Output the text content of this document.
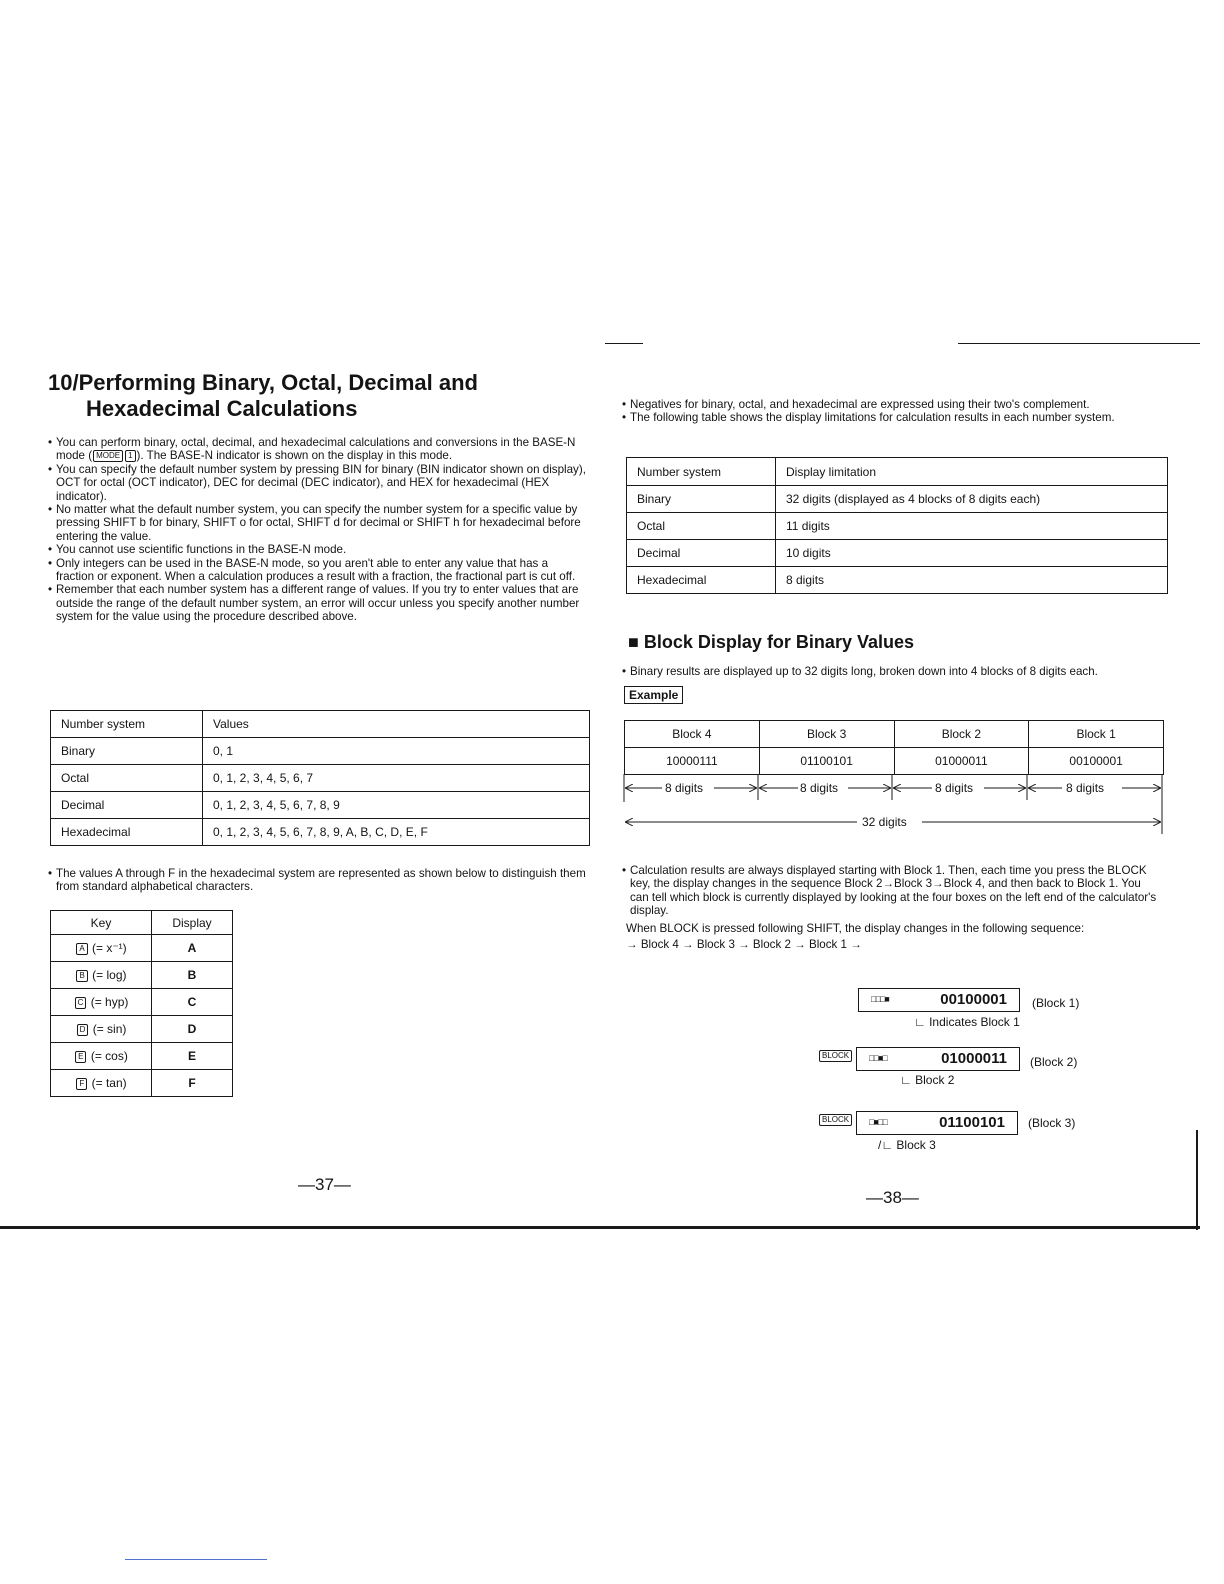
10/Performing Binary, Octal, Decimal and
Hexadecimal Calculations
• You can perform binary, octal, decimal, and hexadecimal calculations and conversions in the BASE-N mode ( MODE 1 ). The BASE-N indicator is shown on the display in this mode.
• You can specify the default number system by pressing BIN for binary (BIN indicator shown on display), OCT for octal (OCT indicator), DEC for decimal (DEC indicator), and HEX for hexadecimal (HEX indicator).
• No matter what the default number system, you can specify the number system for a specific value by pressing SHIFT b for binary, SHIFT o for octal, SHIFT d for decimal or SHIFT h for hexadecimal before entering the value.
• You cannot use scientific functions in the BASE-N mode.
• Only integers can be used in the BASE-N mode, so you aren't able to enter any value that has a fraction or exponent. When a calculation produces a result with a fraction, the fractional part is cut off.
• Remember that each number system has a different range of values. If you try to enter values that are outside the range of the default number system, an error will occur unless you specify another number system for the value using the procedure described above.
Number system	Values
Binary	0, 1
Octal	0, 1, 2, 3, 4, 5, 6, 7
Decimal	0, 1, 2, 3, 4, 5, 6, 7, 8, 9
Hexadecimal	0, 1, 2, 3, 4, 5, 6, 7, 8, 9, A, B, C, D, E, F
• The values A through F in the hexadecimal system are represented as shown below to distinguish them from standard alphabetical characters.
Key	Display
A (= x⁻¹)	A
B (= log)	B
C (= hyp)	C
D (= sin)	D
E (= cos)	E
F (= tan)	F
—37—
• Negatives for binary, octal, and hexadecimal are expressed using their two's complement.
• The following table shows the display limitations for calculation results in each number system.
Number system	Display limitation
Binary	32 digits (displayed as 4 blocks of 8 digits each)
Octal	11 digits
Decimal	10 digits
Hexadecimal	8 digits
■ Block Display for Binary Values
• Binary results are displayed up to 32 digits long, broken down into 4 blocks of 8 digits each.
Example
Block 4	Block 3	Block 2	Block 1
10000111	01100101	01000011	00100001
8 digits	8 digits	8 digits	8 digits
32 digits
• Calculation results are always displayed starting with Block 1. Then, each time you press the BLOCK key, the display changes in the sequence Block 2→Block 3→Block 4, and then back to Block 1. You can tell which block is currently displayed by looking at the four boxes on the left end of the calculator's display.
When BLOCK is pressed following SHIFT, the display changes in the following sequence:
→ Block 4 → Block 3 → Block 2 → Block 1 →
□□□■	00100001 (Block 1)
∟ Indicates Block 1
BLOCK	□□■□	01000011 (Block 2)
∟ Block 2
BLOCK	□■□□	01100101 (Block 3)
/∟ Block 3
—38—
